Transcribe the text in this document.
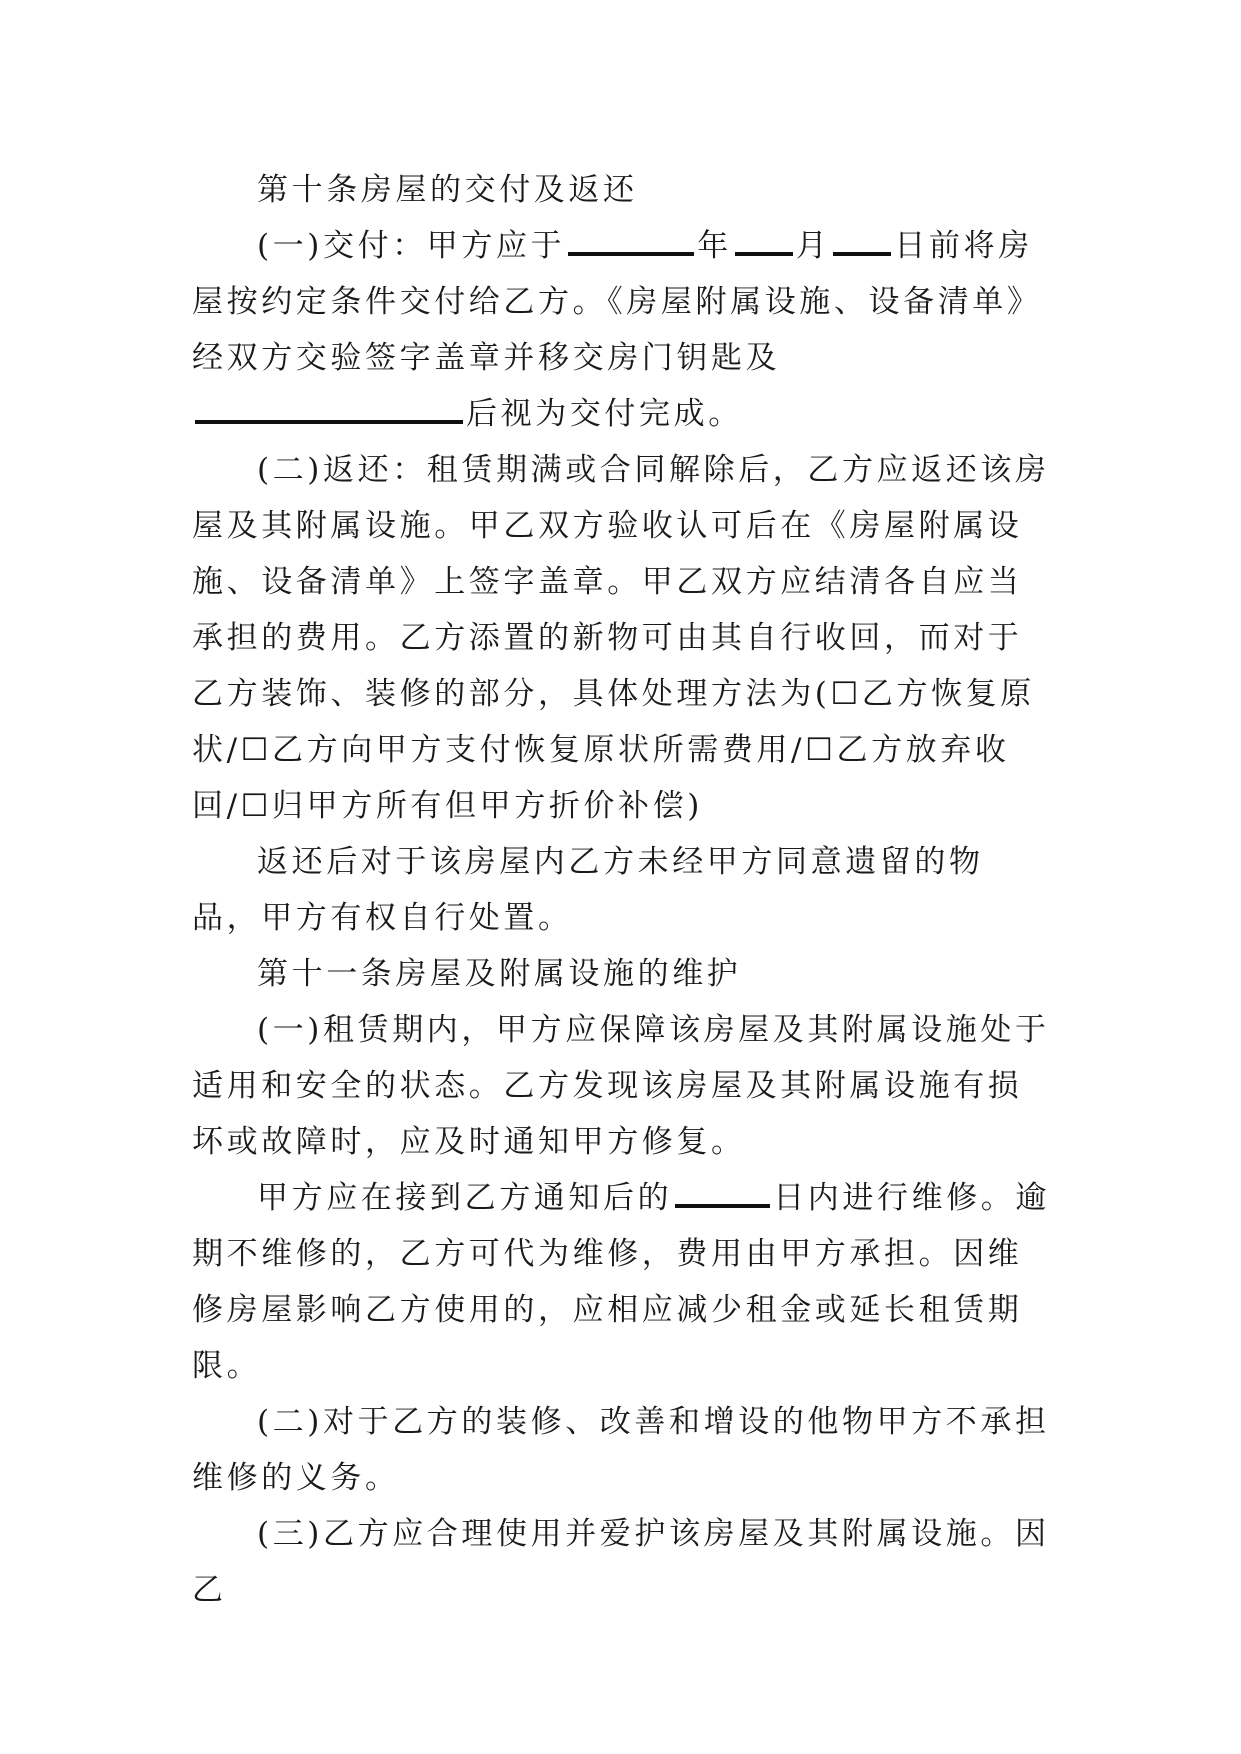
第十条房屋的交付及返还

(一)交付：甲方应于	年 月 日前将房屋按约定条件交付给乙方。《房屋附属设施、设备清单》经双方交验签字盖章并移交房门钥匙及后视为交付完成。

(二)返还：租赁期满或合同解除后，乙方应返还该房屋及其附属设施。甲乙双方验收认可后在《房屋附属设施、设备清单》上签字盖章。甲乙双方应结清各自应当承担的费用。乙方添置的新物可由其自行收回，而对于乙方装饰、装修的部分，具体处理方法为(☐乙方恢复原状/☐乙方向甲方支付恢复原状所需费用/☐乙方放弃收回/☐归甲方所有但甲方折价补偿)

返还后对于该房屋内乙方未经甲方同意遗留的物品，甲方有权自行处置。

第十一条房屋及附属设施的维护

(一)租赁期内，甲方应保障该房屋及其附属设施处于适用和安全的状态。乙方发现该房屋及其附属设施有损坏或故障时，应及时通知甲方修复。

甲方应在接到乙方通知后的	日内进行维修。逾期不维修的，乙方可代为维修，费用由甲方承担。因维修房屋影响乙方使用的，应相应减少租金或延长租赁期限。

(二)对于乙方的装修、改善和增设的他物甲方不承担维修的义务。

(三)乙方应合理使用并爱护该房屋及其附属设施。因乙
